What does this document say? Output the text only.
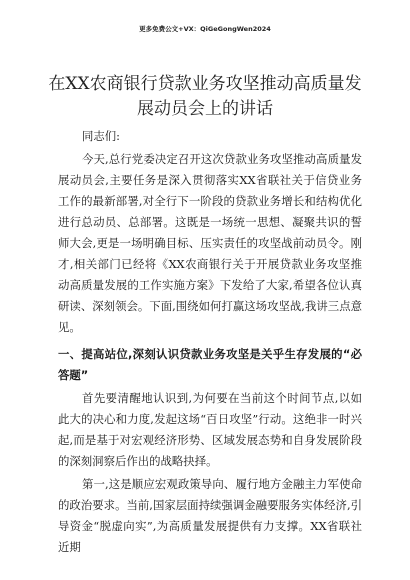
更多免费公文+VX：QiGeGongWen2024
在XX农商银行贷款业务攻坚推动高质量发展动员会上的讲话

同志们:

今天,总行党委决定召开这次贷款业务攻坚推动高质量发展动员会,主要任务是深入贯彻落实XX省联社关于信贷业务工作的最新部署,对全行下一阶段的贷款业务增长和结构优化进行总动员、总部署。这既是一场统一思想、凝聚共识的誓师大会,更是一场明确目标、压实责任的攻坚战前动员令。刚才,相关部门已经将《XX农商银行关于开展贷款业务攻坚推动高质量发展的工作实施方案》下发给了大家,希望各位认真研读、深刻领会。下面,围绕如何打赢这场攻坚战,我讲三点意见。

一、提高站位,深刻认识贷款业务攻坚是关乎生存发展的“必答题”

首先要清醒地认识到,为何要在当前这个时间节点,以如此大的决心和力度,发起这场“百日攻坚”行动。这绝非一时兴起,而是基于对宏观经济形势、区域发展态势和自身发展阶段的深刻洞察后作出的战略抉择。

第一,这是顺应宏观政策导向、履行地方金融主力军使命的政治要求。当前,国家层面持续强调金融要服务实体经济,引导资金“脱虚向实”,为高质量发展提供有力支撑。XX省联社近期
